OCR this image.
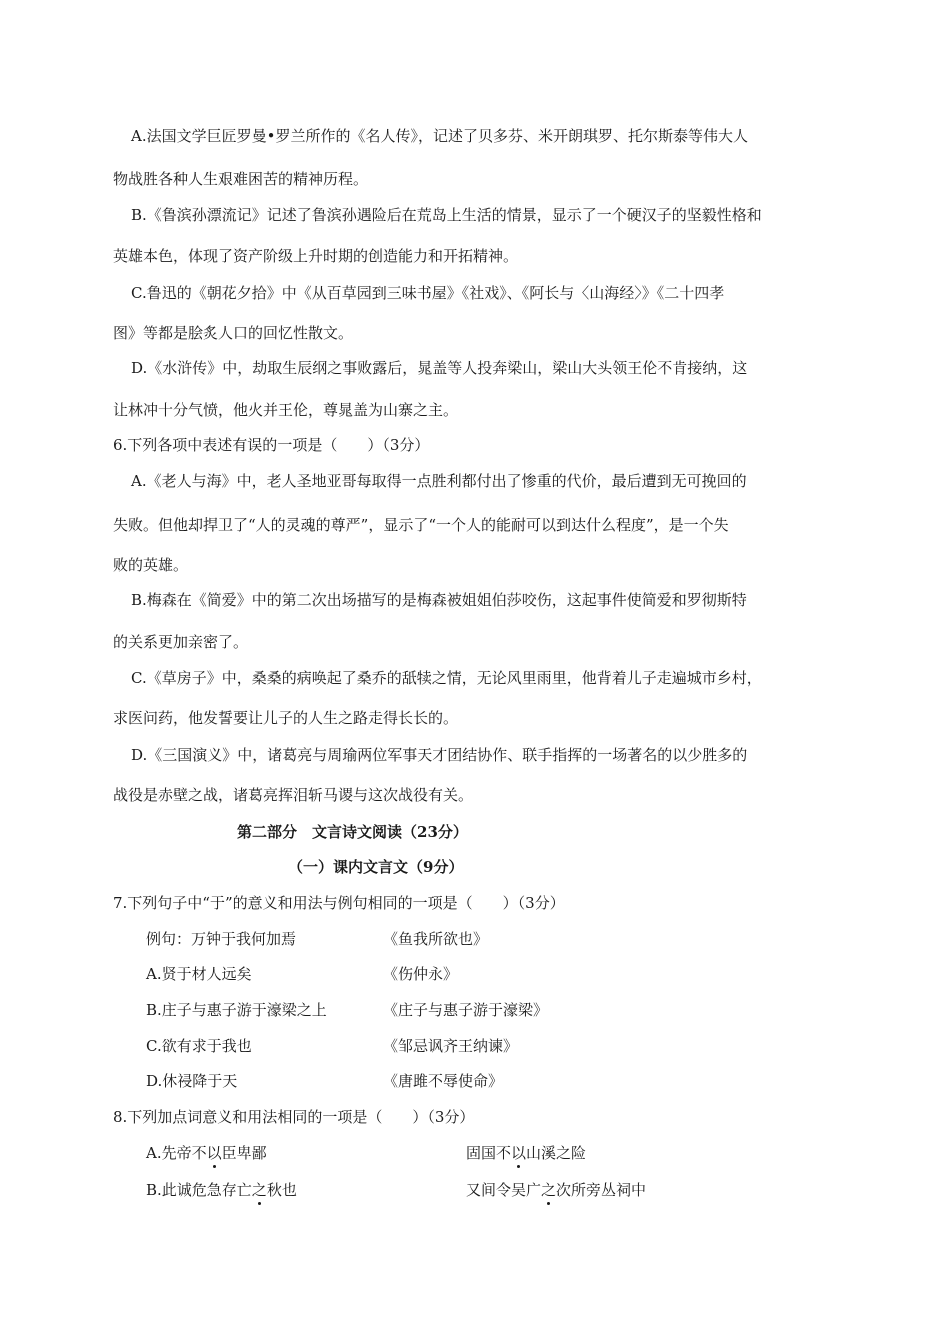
A.法国文学巨匠罗曼•罗兰所作的《名人传》，记述了贝多芬、米开朗琪罗、托尔斯泰等伟大人
物战胜各种人生艰难困苦的精神历程。
B.《鲁滨孙漂流记》记述了鲁滨孙遇险后在荒岛上生活的情景，显示了一个硬汉子的坚毅性格和
英雄本色，体现了资产阶级上升时期的创造能力和开拓精神。
C.鲁迅的《朝花夕拾》中《从百草园到三味书屋》《社戏》、《阿长与〈山海经〉》《二十四孝
图》等都是脍炙人口的回忆性散文。
D.《水浒传》中，劫取生辰纲之事败露后，晁盖等人投奔梁山，梁山大头领王伦不肯接纳，这
让林冲十分气愤，他火并王伦，尊晁盖为山寨之主。
6.下列各项中表述有误的一项是（　　）（3分）
A.《老人与海》中，老人圣地亚哥每取得一点胜利都付出了惨重的代价，最后遭到无可挽回的
失败。但他却捍卫了“人的灵魂的尊严”，显示了“一个人的能耐可以到达什么程度”，是一个失
败的英雄。
B.梅森在《简爱》中的第二次出场描写的是梅森被姐姐伯莎咬伤，这起事件使简爱和罗彻斯特
的关系更加亲密了。
C.《草房子》中，桑桑的病唤起了桑乔的舐犊之情，无论风里雨里，他背着儿子走遍城市乡村，
求医问药，他发誓要让儿子的人生之路走得长长的。
D.《三国演义》中，诸葛亮与周瑜两位军事天才团结协作、联手指挥的一场著名的以少胜多的
战役是赤壁之战，诸葛亮挥泪斩马谡与这次战役有关。
第二部分　文言诗文阅读（23分）
（一）课内文言文（9分）
7.下列句子中“于”的意义和用法与例句相同的一项是（　　）（3分）
例句：万钟于我何加焉	《鱼我所欲也》
A.贤于材人远矣	《伤仲永》
B.庄子与惠子游于濠梁之上	《庄子与惠子游于濠梁》
C.欲有求于我也	《邹忌讽齐王纳谏》
D.休祲降于天	《唐雎不辱使命》
8.下列加点词意义和用法相同的一项是（　　）（3分）
A.先帝不以臣卑鄙	固国不以山溪之险
B.此诚危急存亡之秋也	又间令吴广之次所旁丛祠中
